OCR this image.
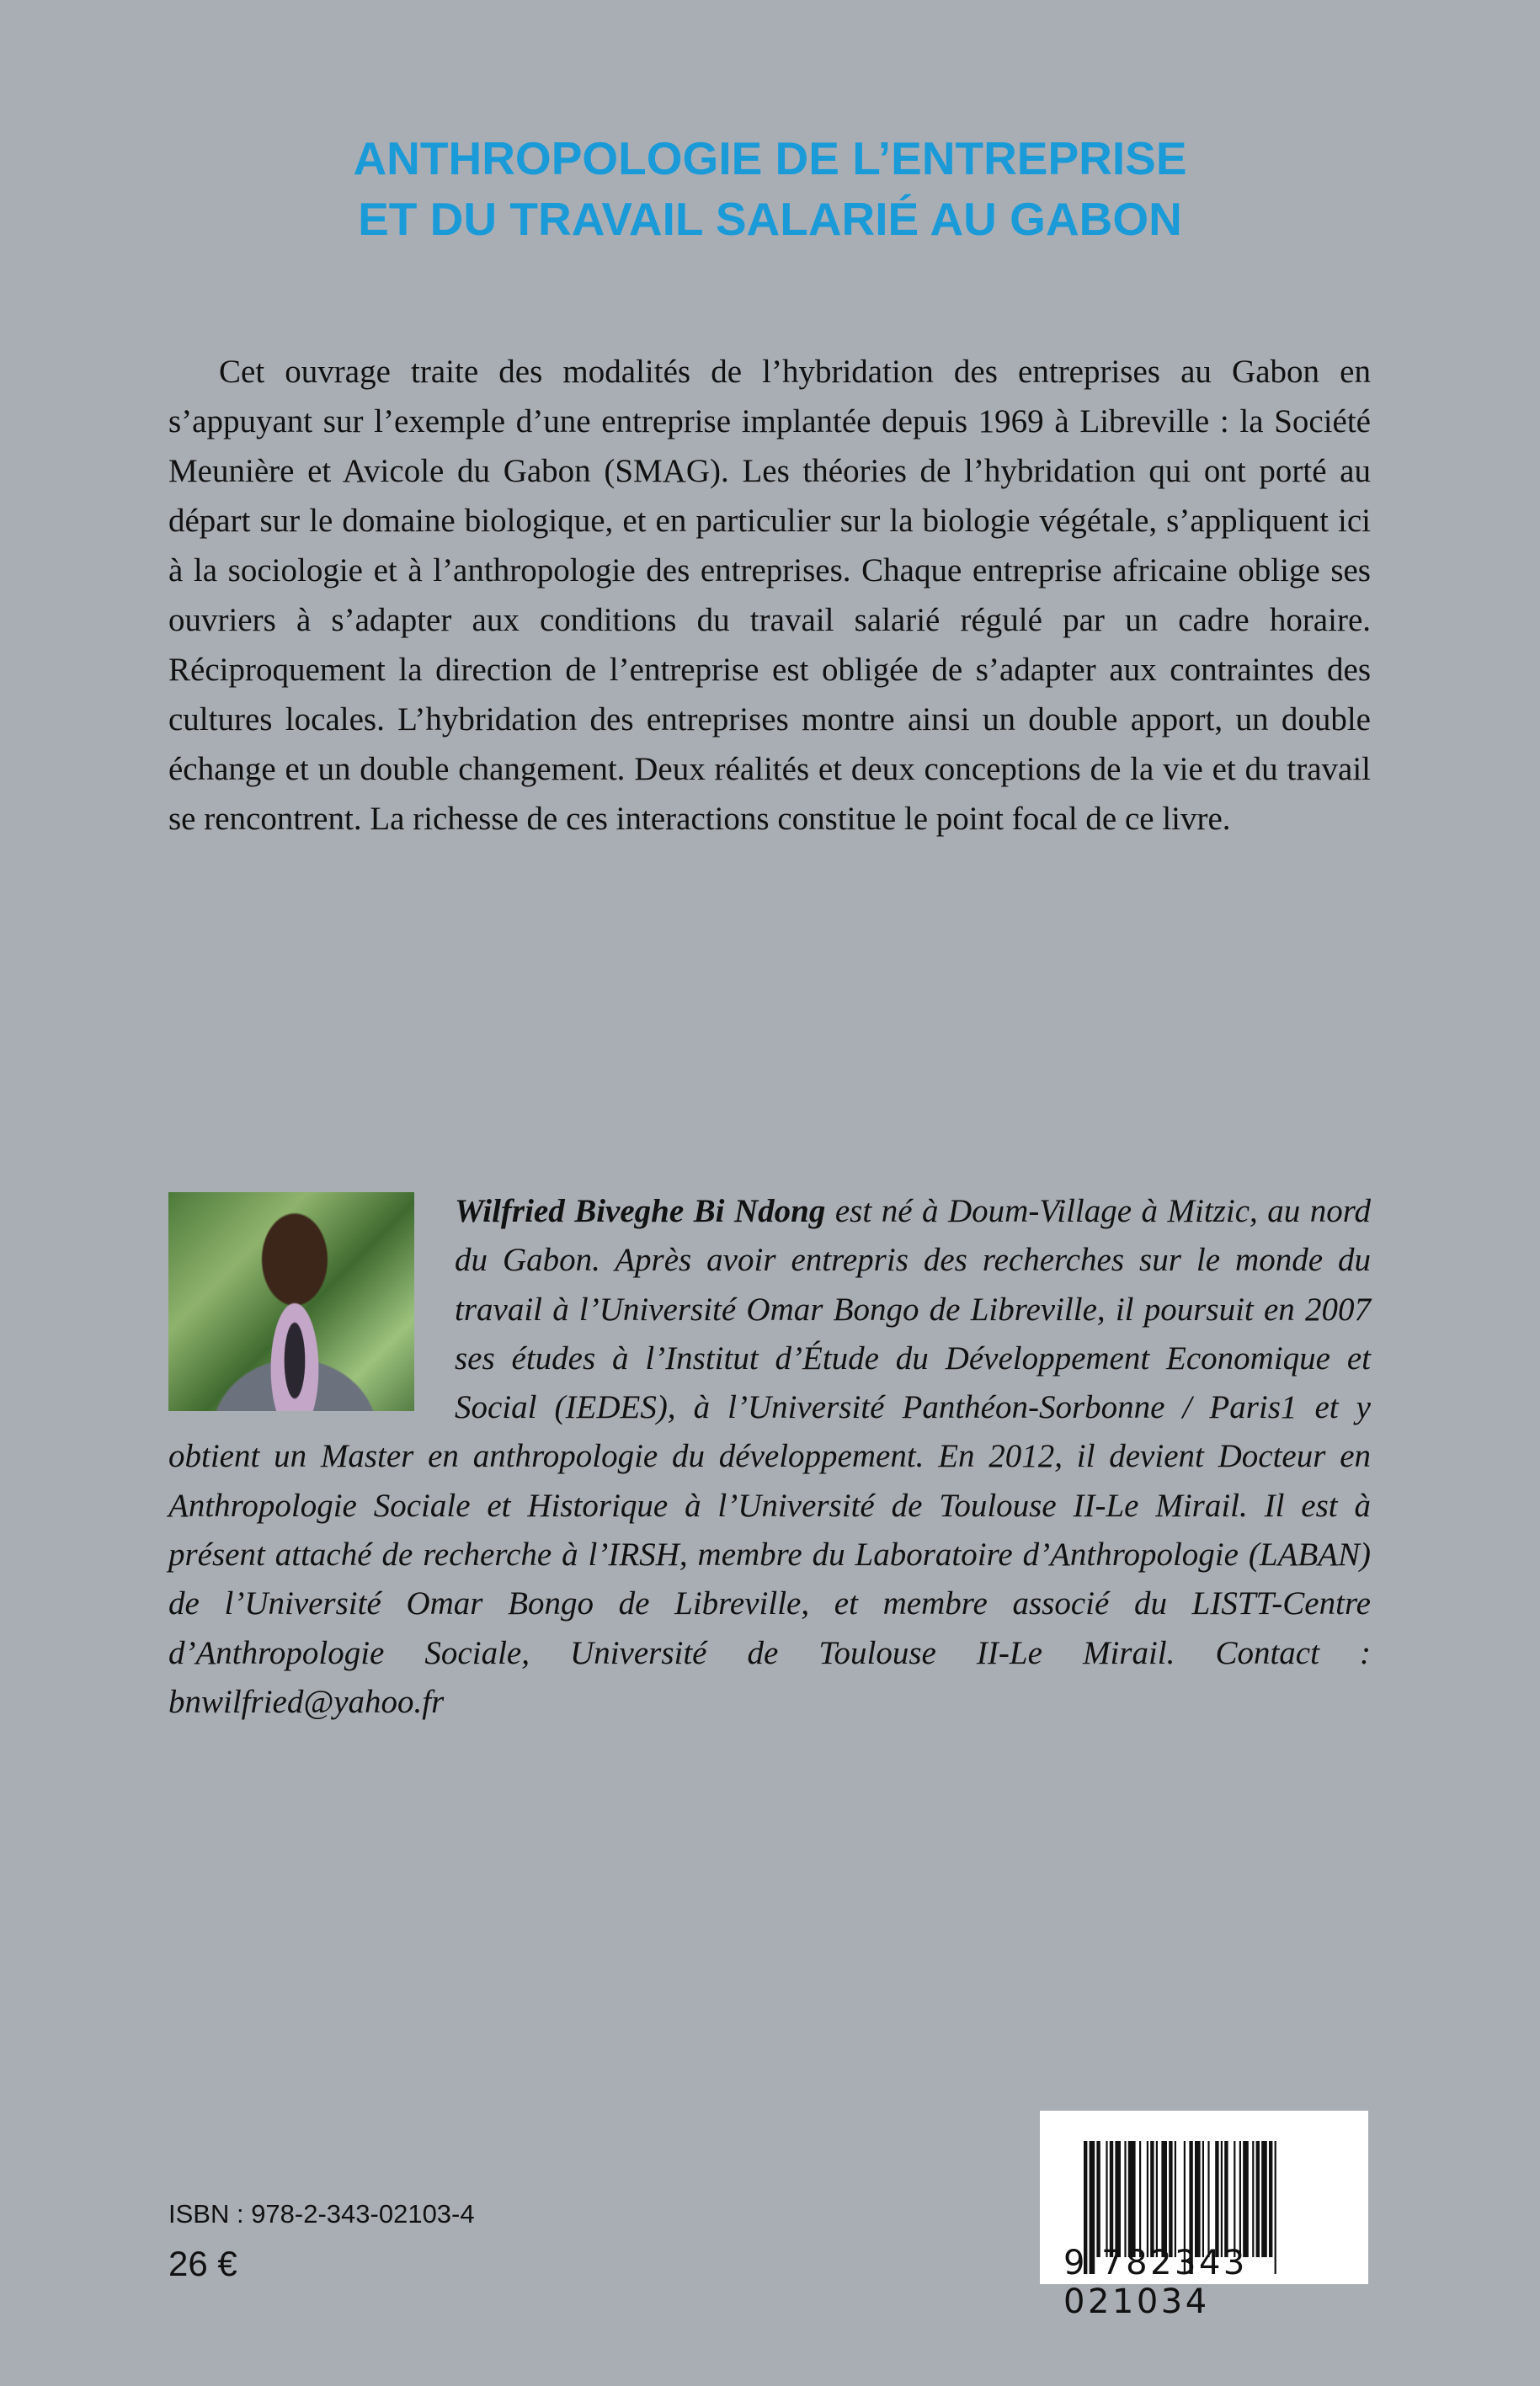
ANTHROPOLOGIE DE L’ENTREPRISE
ET DU TRAVAIL SALARIÉ AU GABON

Cet ouvrage traite des modalités de l’hybridation des entreprises au Gabon en s’appuyant sur l’exemple d’une entreprise implantée depuis 1969 à Libreville : la Société Meunière et Avicole du Gabon (SMAG). Les théories de l’hybridation qui ont porté au départ sur le domaine biologique, et en particulier sur la biologie végétale, s’appliquent ici à la sociologie et à l’anthropologie des entreprises. Chaque entreprise africaine oblige ses ouvriers à s’adapter aux conditions du travail salarié régulé par un cadre horaire. Réciproquement la direction de l’entreprise est obligée de s’adapter aux contraintes des cultures locales. L’hybridation des entreprises montre ainsi un double apport, un double échange et un double changement. Deux réalités et deux conceptions de la vie et du travail se rencontrent. La richesse de ces interactions constitue le point focal de ce livre.

Wilfried Biveghe Bi Ndong est né à Doum-Village à Mitzic, au nord du Gabon. Après avoir entrepris des recherches sur le monde du travail à l’Université Omar Bongo de Libreville, il poursuit en 2007 ses études à l’Institut d’Étude du Développement Economique et Social (IEDES), à l’Université Panthéon-Sorbonne / Paris1 et y obtient un Master en anthropologie du développement. En 2012, il devient Docteur en Anthropologie Sociale et Historique à l’Université de Toulouse II-Le Mirail. Il est à présent attaché de recherche à l’IRSH, membre du Laboratoire d’Anthropologie (LABAN) de l’Université Omar Bongo de Libreville, et membre associé du LISTT-Centre d’Anthropologie Sociale, Université de Toulouse II-Le Mirail. Contact : bnwilfried@yahoo.fr
ISBN : 978-2-343-02103-4
26 €	9 782343 021034
